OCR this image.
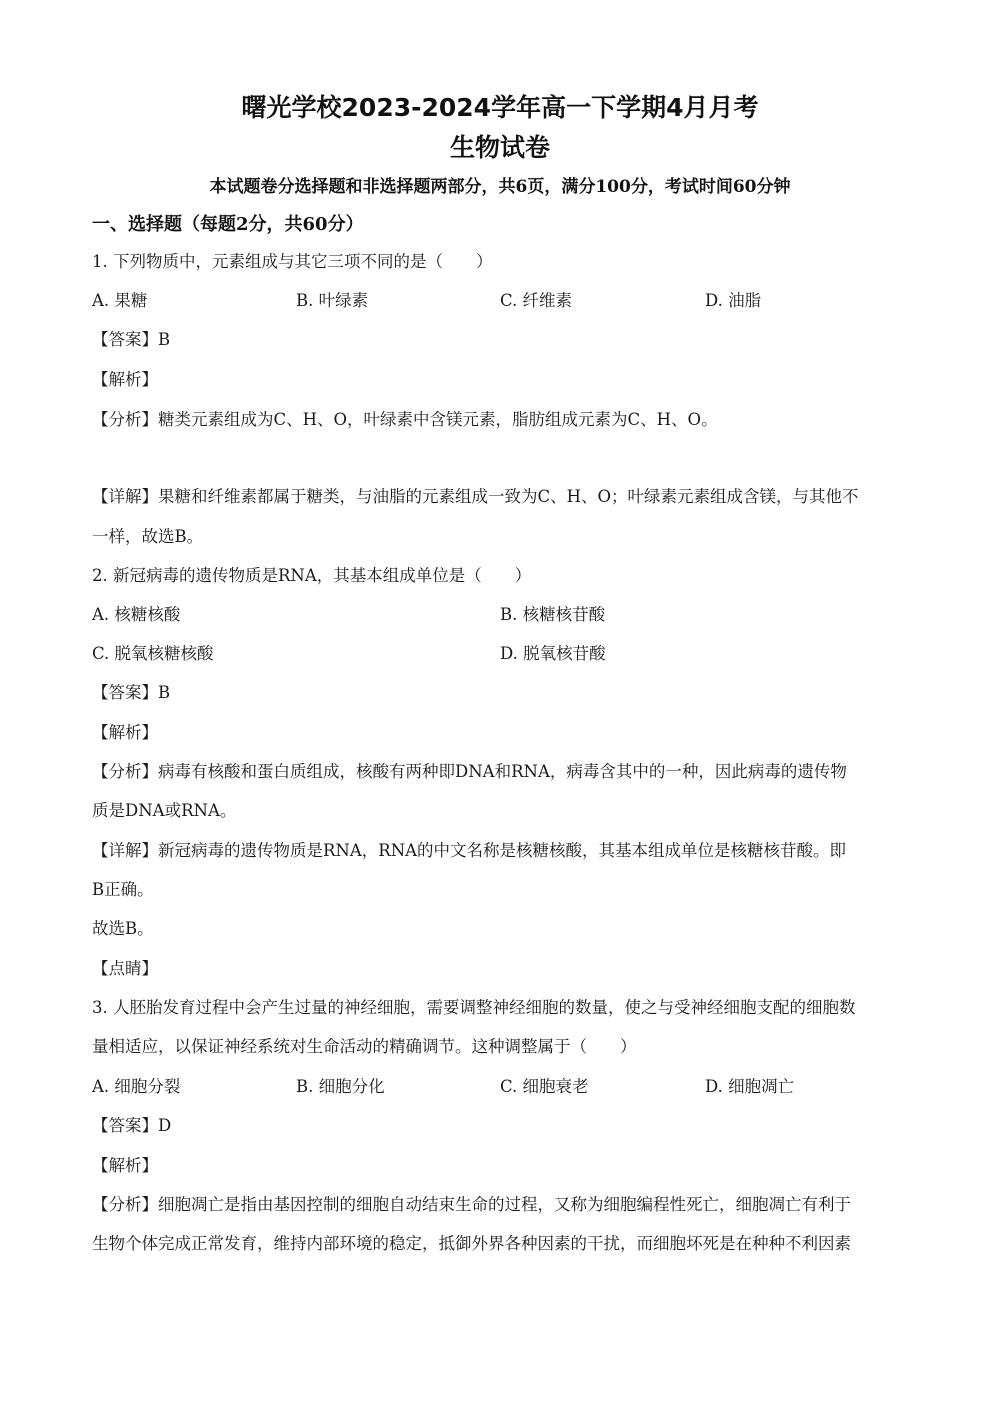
曙光学校2023-2024学年高一下学期4月月考
生物试卷
本试题卷分选择题和非选择题两部分，共6页，满分100分，考试时间60分钟
一、选择题（每题2分，共60分）
1. 下列物质中，元素组成与其它三项不同的是（　　）
A. 果糖	B. 叶绿素	C. 纤维素	D. 油脂
【答案】B
【解析】
【分析】糖类元素组成为C、H、O，叶绿素中含镁元素，脂肪组成元素为C、H、O。
【详解】果糖和纤维素都属于糖类，与油脂的元素组成一致为C、H、O；叶绿素元素组成含镁，与其他不
一样，故选B。
2. 新冠病毒的遗传物质是RNA，其基本组成单位是（　　）
A. 核糖核酸	B. 核糖核苷酸
C. 脱氧核糖核酸	D. 脱氧核苷酸
【答案】B
【解析】
【分析】病毒有核酸和蛋白质组成，核酸有两种即DNA和RNA，病毒含其中的一种，因此病毒的遗传物
质是DNA或RNA。
【详解】新冠病毒的遗传物质是RNA，RNA的中文名称是核糖核酸，其基本组成单位是核糖核苷酸。即
B正确。
故选B。
【点睛】
3. 人胚胎发育过程中会产生过量的神经细胞，需要调整神经细胞的数量，使之与受神经细胞支配的细胞数
量相适应，以保证神经系统对生命活动的精确调节。这种调整属于（　　）
A. 细胞分裂	B. 细胞分化	C. 细胞衰老	D. 细胞凋亡
【答案】D
【解析】
【分析】细胞凋亡是指由基因控制的细胞自动结束生命的过程，又称为细胞编程性死亡，细胞凋亡有利于
生物个体完成正常发育，维持内部环境的稳定，抵御外界各种因素的干扰，而细胞坏死是在种种不利因素
